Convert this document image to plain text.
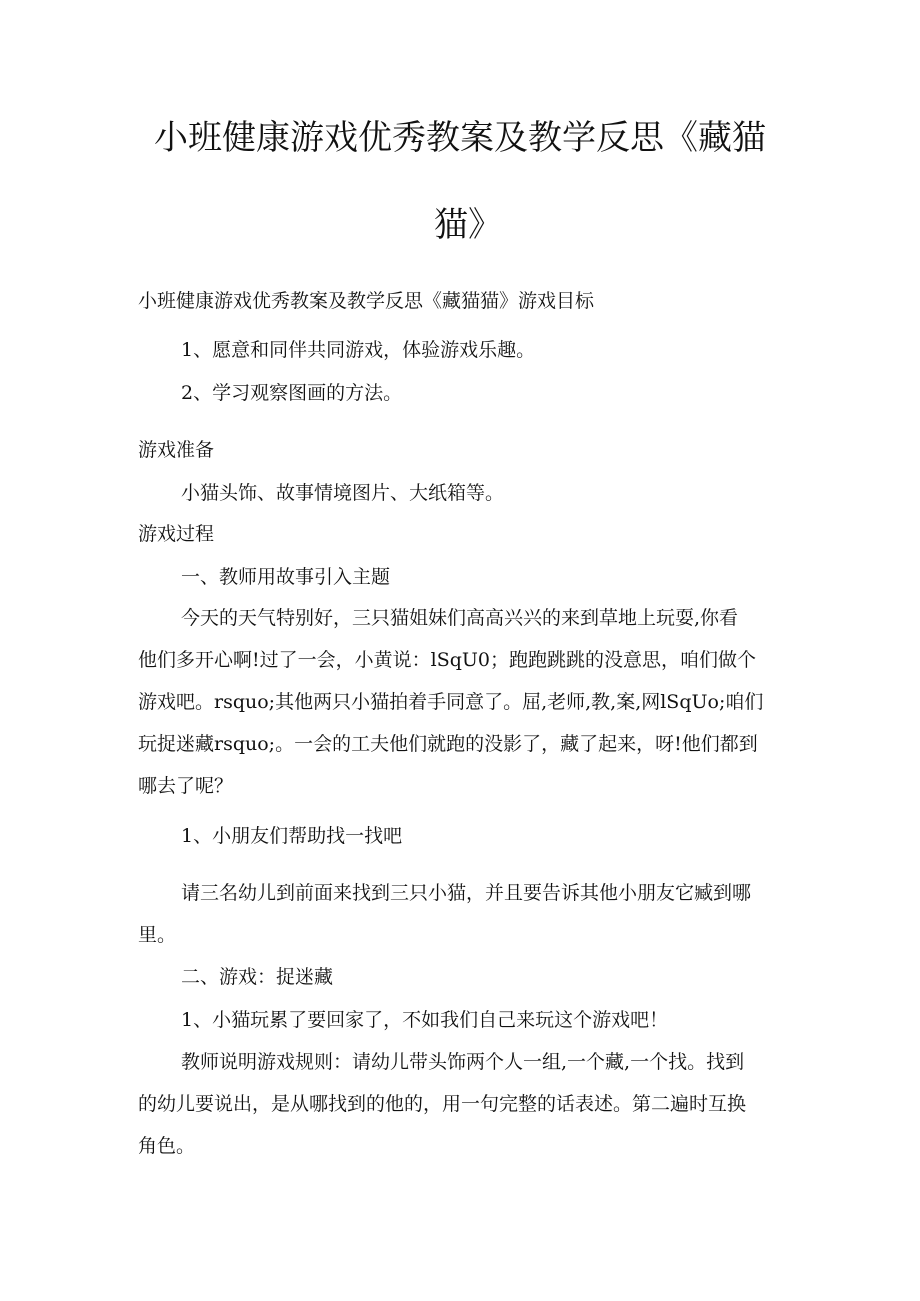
小班健康游戏优秀教案及教学反思《藏猫
猫》
小班健康游戏优秀教案及教学反思《藏猫猫》游戏目标
1、愿意和同伴共同游戏，体验游戏乐趣。
2、学习观察图画的方法。
游戏准备
小猫头饰、故事情境图片、大纸箱等。
游戏过程
一、教师用故事引入主题
今天的天气特别好，三只猫姐妹们高高兴兴的来到草地上玩耍,你看
他们多开心啊!过了一会，小黄说：lSqU0；跑跑跳跳的没意思，咱们做个
游戏吧。rsquo;其他两只小猫拍着手同意了。屈,老师,教,案,网lSqUo;咱们
玩捉迷藏rsquo;。一会的工夫他们就跑的没影了，藏了起来，呀!他们都到
哪去了呢？
1、小朋友们帮助找一找吧
请三名幼儿到前面来找到三只小猫，并且要告诉其他小朋友它臧到哪
里。
二、游戏：捉迷藏
1、小猫玩累了要回家了，不如我们自己来玩这个游戏吧！
教师说明游戏规则：请幼儿带头饰两个人一组,一个藏,一个找。找到
的幼儿要说出，是从哪找到的他的，用一句完整的话表述。第二遍时互换
角色。
